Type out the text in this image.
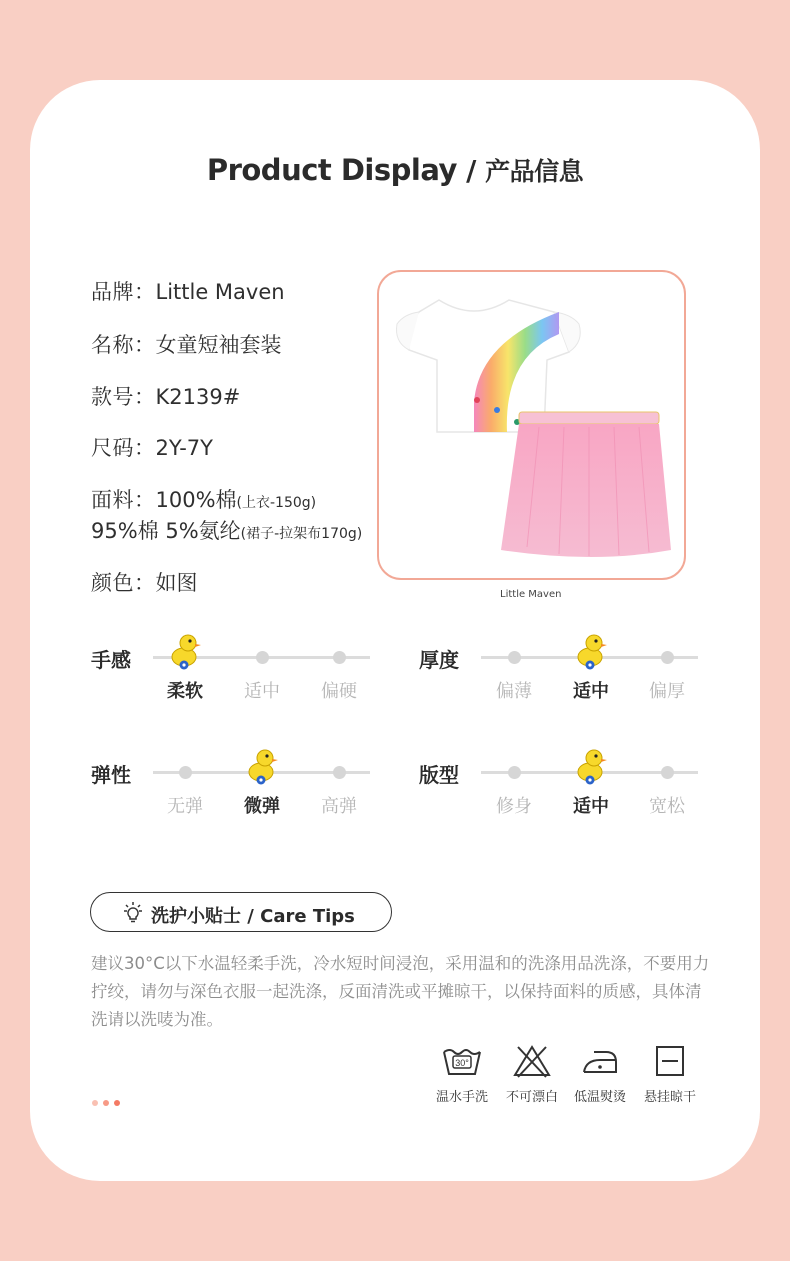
Product Display / 产品信息
品牌：Little Maven
名称：女童短袖套装
款号：K2139#
尺码：2Y-7Y
面料：100%棉(上衣-150g)
95%棉 5%氨纶(裙子-拉架布170g)
颜色：如图	Little Maven
手感
柔软	适中	偏硬
厚度
偏薄	适中	偏厚
弹性
无弹	微弹	高弹
版型
修身	适中	宽松
洗护小贴士 / Care Tips
建议30°C以下水温轻柔手洗，冷水短时间浸泡，采用温和的洗涤用品洗涤，不要用力拧绞，请勿与深色衣服一起洗涤，反面清洗或平摊晾干，以保持面料的质感，具体清洗请以洗唛为准。
30°
温水手洗	不可漂白	低温熨烫	悬挂晾干
